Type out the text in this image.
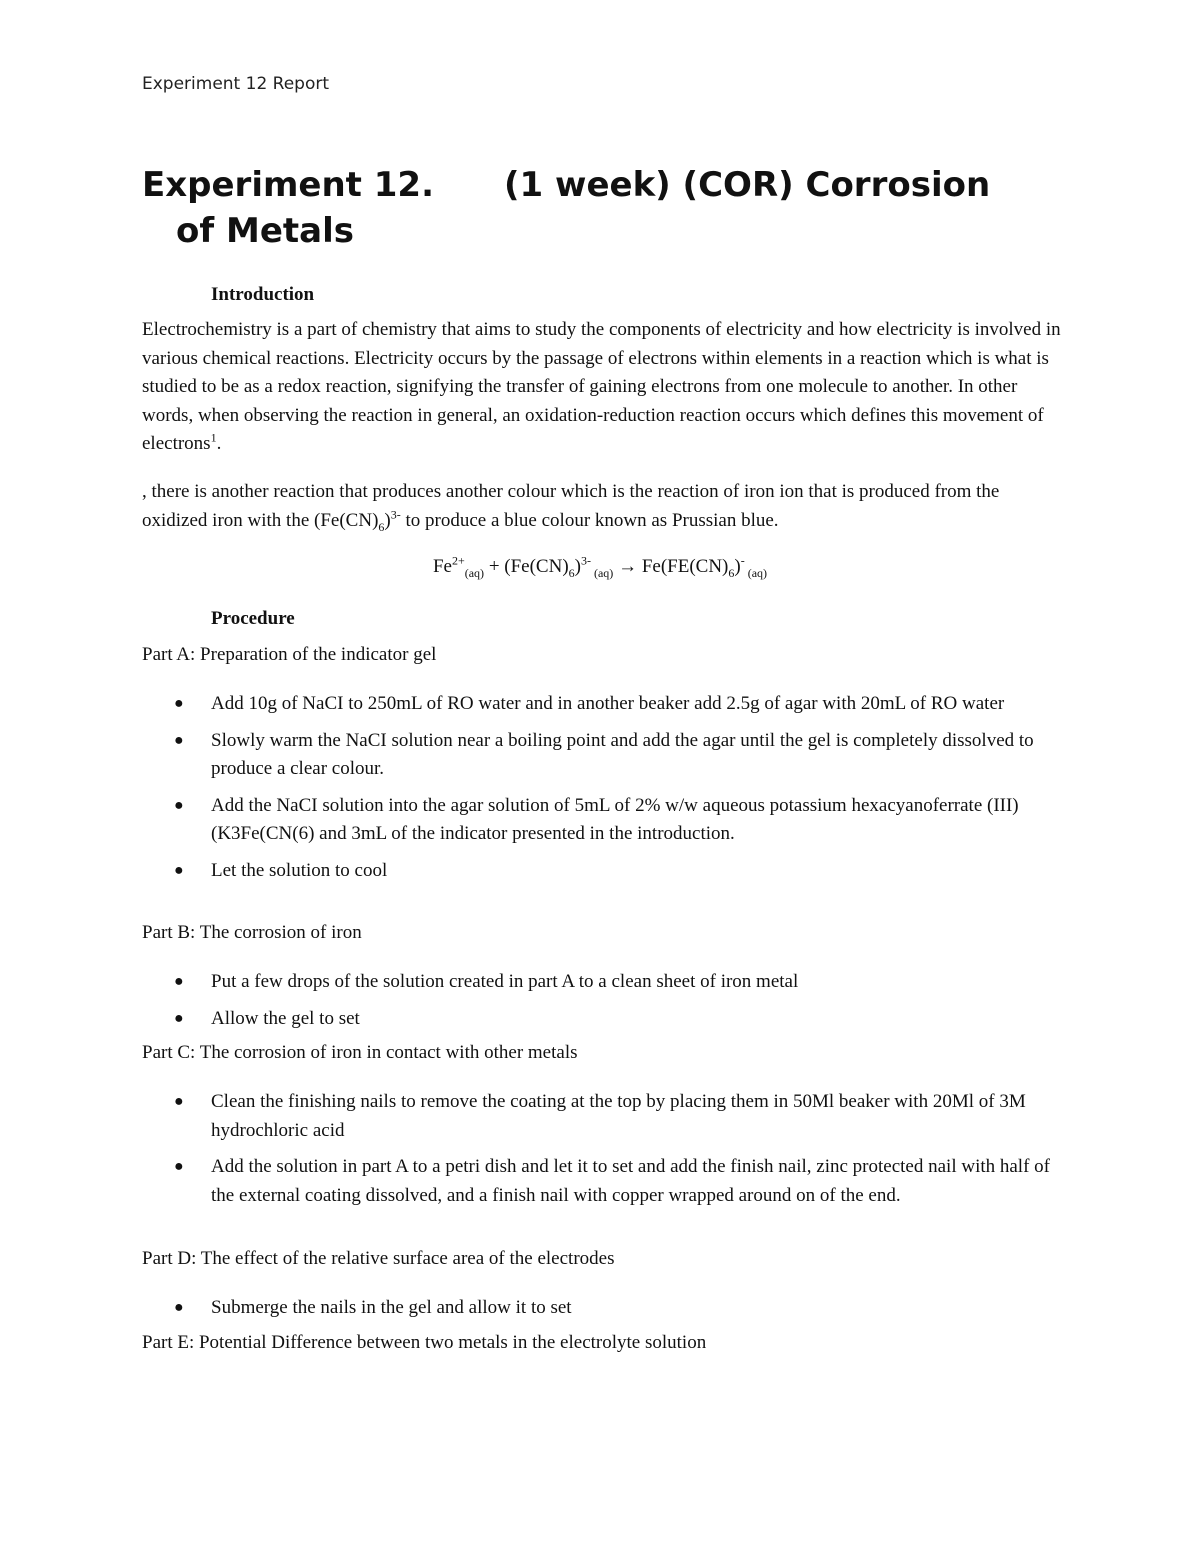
Experiment 12 Report
Experiment 12. (1 week) (COR) Corrosion
of Metals
Introduction
Electrochemistry is a part of chemistry that aims to study the components of electricity and how electricity is involved in various chemical reactions. Electricity occurs by the passage of electrons within elements in a reaction which is what is studied to be as a redox reaction, signifying the transfer of gaining electrons from one molecule to another. In other words, when observing the reaction in general, an oxidation-reduction reaction occurs which defines this movement of electrons$^1$.
, there is another reaction that produces another colour which is the reaction of iron ion that is produced from the oxidized iron with the $(Fe(CN)_6)^{3-}$ to produce a blue colour known as Prussian blue.
$Fe^{2+}_{(aq)} + (Fe(CN)_6)^{3-}$ $_{(aq)} \to Fe(FE(CN)_6)^-$ $_{(aq)}$
Procedure
Part A: Preparation of the indicator gel
● Add 10g of NaCI to 250mL of RO water and in another beaker add 2.5g of agar with 20mL of RO water
● Slowly warm the NaCI solution near a boiling point and add the agar until the gel is completely dissolved to produce a clear colour.
● Add the NaCI solution into the agar solution of 5mL of 2% w/w aqueous potassium hexacyanoferrate (III) (K3Fe(CN(6) and 3mL of the indicator presented in the introduction.
● Let the solution to cool
Part B: The corrosion of iron
● Put a few drops of the solution created in part A to a clean sheet of iron metal
● Allow the gel to set
Part C: The corrosion of iron in contact with other metals
● Clean the finishing nails to remove the coating at the top by placing them in 50Ml beaker with 20Ml of 3M hydrochloric acid
● Add the solution in part A to a petri dish and let it to set and add the finish nail, zinc protected nail with half of the external coating dissolved, and a finish nail with copper wrapped around on of the end.
Part D: The effect of the relative surface area of the electrodes
● Submerge the nails in the gel and allow it to set
Part E: Potential Difference between two metals in the electrolyte solution
